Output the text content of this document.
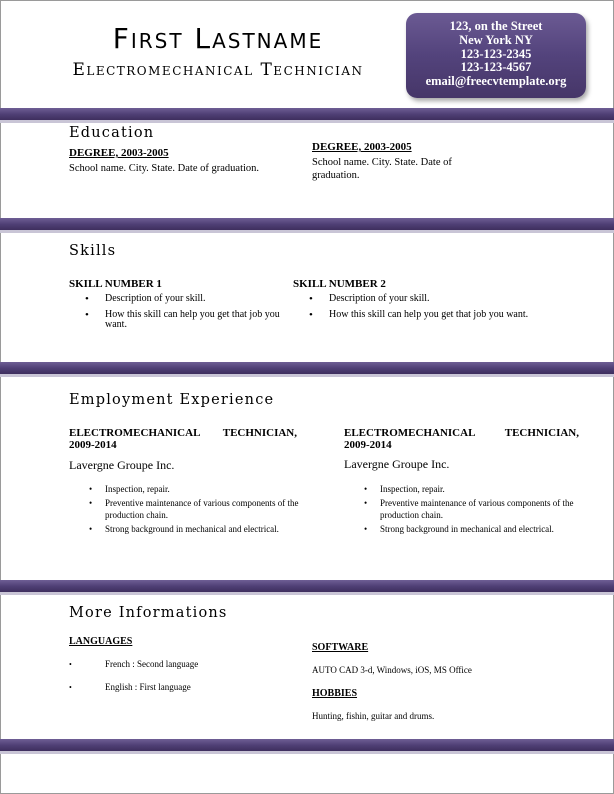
First Lastname
Electromechanical Technician
123, on the Street
New York NY
123-123-2345
123-123-4567
email@freecvtemplate.org
Education
DEGREE, 2003-2005
School name. City. State. Date of graduation.
DEGREE, 2003-2005
School name. City. State. Date of graduation.
Skills
SKILL NUMBER 1
• Description of your skill.
• How this skill can help you get that job you want.
SKILL NUMBER 2
• Description of your skill.
• How this skill can help you get that job you want.
Employment Experience
ELECTROMECHANICAL TECHNICIAN,
2009-2014
Lavergne Groupe Inc.
• Inspection, repair.
• Preventive maintenance of various components of the production chain.
• Strong background in mechanical and electrical.
ELECTROMECHANICAL TECHNICIAN,
2009-2014
Lavergne Groupe Inc.
• Inspection, repair.
• Preventive maintenance of various components of the production chain.
• Strong background in mechanical and electrical.
More Informations
LANGUAGES
•	French : Second language
•	English : First language
SOFTWARE
AUTO CAD 3-d, Windows, iOS, MS Office
HOBBIES
Hunting, fishin, guitar and drums.
